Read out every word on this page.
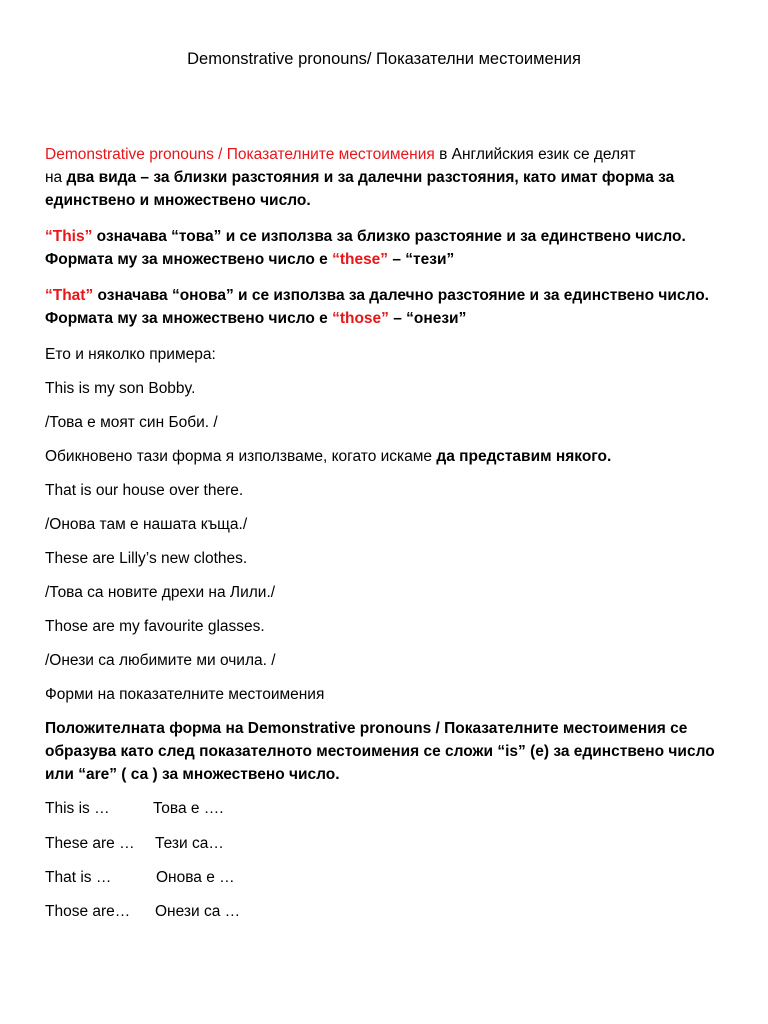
Demonstrative pronouns/ Показателни местоимения
Demonstrative pronouns / Показателните местоимения в Английския език се делят
на два вида – за близки разстояния и за далечни разстояния, като имат форма за единствено и множествено число.
“This” означава “това” и се използва за близко разстояние и за единствено число.
Формата му за множествено число е “these” – “тези”
“That” означава “онова” и се използва за далечно разстояние и за единствено число.
Формата му за множествено число е “those” – “онези”
Ето и няколко примера:
This is my son Bobby.
/Това е моят син Боби. /
Обикновено тази форма я използваме, когато искаме да представим някого.
That is our house over there.
/Онова там е нашата къща./
These are Lilly’s new clothes.
/Това са новите дрехи на Лили./
Those are my favourite glasses.
/Онези са любимите ми очила. /
Форми на показателните местоимения
Положителната форма на Demonstrative pronouns / Показателните местоимения се образува като след показателното местоимения се сложи “is” (е) за единствено число или “are” ( са ) за множествено число.
This is …	Това е ….
These are … Тези са…
That is …	Онова е …
Those are… Онези са …
